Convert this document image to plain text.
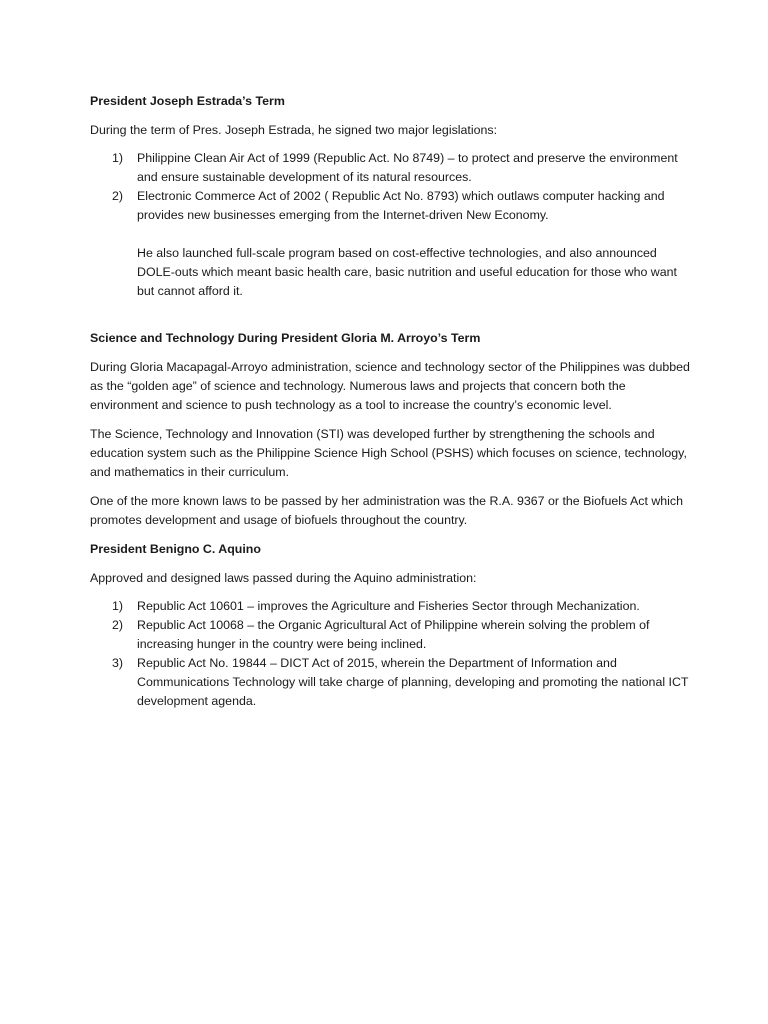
President Joseph Estrada’s Term

During the term of Pres. Joseph Estrada, he signed two major legislations:

1) Philippine Clean Air Act of 1999 (Republic Act. No 8749) – to protect and preserve the environment and ensure sustainable development of its natural resources.
2) Electronic Commerce Act of 2002 ( Republic Act No. 8793) which outlaws computer hacking and provides new businesses emerging from the Internet-driven New Economy.

He also launched full-scale program based on cost-effective technologies, and also announced DOLE-outs which meant basic health care, basic nutrition and useful education for those who want but cannot afford it.

Science and Technology During President Gloria M. Arroyo’s Term

During Gloria Macapagal-Arroyo administration, science and technology sector of the Philippines was dubbed as the “golden age” of science and technology. Numerous laws and projects that concern both the environment and science to push technology as a tool to increase the country’s economic level.

The Science, Technology and Innovation (STI) was developed further by strengthening the schools and education system such as the Philippine Science High School (PSHS) which focuses on science, technology, and mathematics in their curriculum.

One of the more known laws to be passed by her administration was the R.A. 9367 or the Biofuels Act which promotes development and usage of biofuels throughout the country.

President Benigno C. Aquino

Approved and designed laws passed during the Aquino administration:

1) Republic Act 10601 – improves the Agriculture and Fisheries Sector through Mechanization.
2) Republic Act 10068 – the Organic Agricultural Act of Philippine wherein solving the problem of increasing hunger in the country were being inclined.
3) Republic Act No. 19844 – DICT Act of 2015, wherein the Department of Information and Communications Technology will take charge of planning, developing and promoting the national ICT development agenda.
